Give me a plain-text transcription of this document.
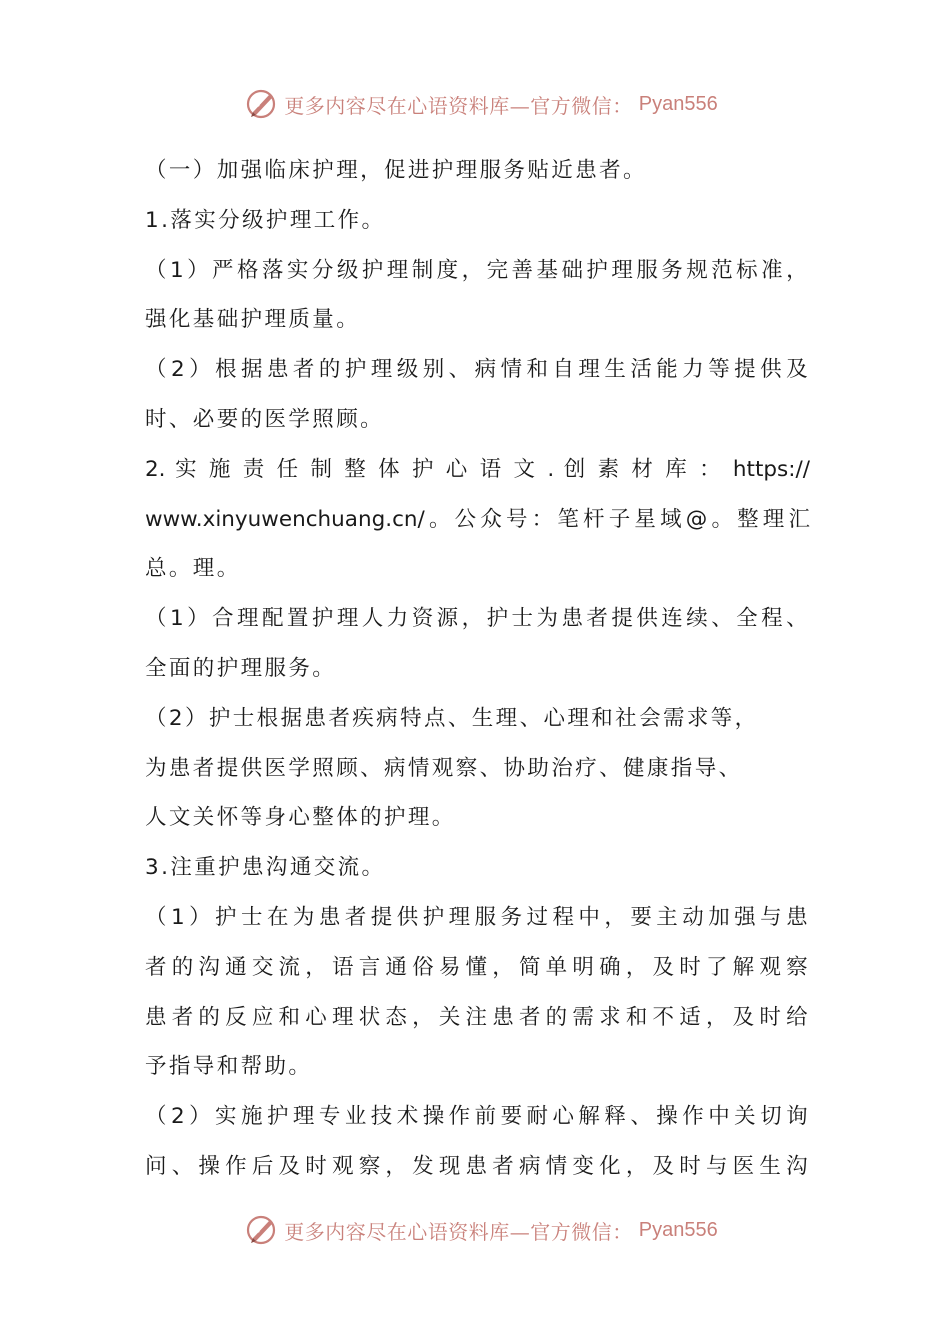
更多内容尽在心语资料库—官方微信： Pyan556
（一）加强临床护理，促进护理服务贴近患者。
1.落实分级护理工作。
（1）严格落实分级护理制度，完善基础护理服务规范标准，
强化基础护理质量。
（2）根据患者的护理级别、病情和自理生活能力等提供及
时、必要的医学照顾。
2. 实 施 责 任 制 整 体 护 心 语 文 . 创 素 材 库 ： https://
www.xinyuwenchuang.cn/。公众号：笔杆子星域@。整理汇
总。理。
（1）合理配置护理人力资源，护士为患者提供连续、全程、
全面的护理服务。
（2）护士根据患者疾病特点、生理、心理和社会需求等，
为患者提供医学照顾、病情观察、协助治疗、健康指导、
人文关怀等身心整体的护理。
3.注重护患沟通交流。
（1）护士在为患者提供护理服务过程中，要主动加强与患
者的沟通交流，语言通俗易懂，简单明确，及时了解观察
患者的反应和心理状态，关注患者的需求和不适，及时给
予指导和帮助。
（2）实施护理专业技术操作前要耐心解释、操作中关切询
问、操作后及时观察，发现患者病情变化，及时与医生沟
更多内容尽在心语资料库—官方微信： Pyan556
